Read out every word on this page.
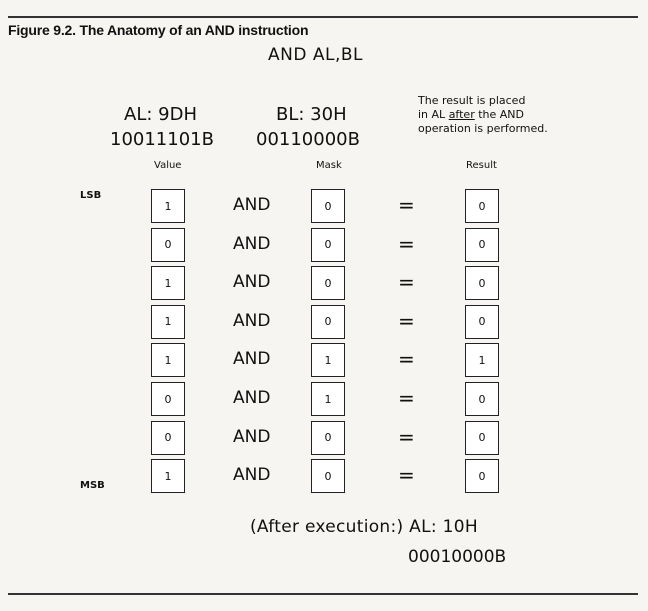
Figure 9.2. The Anatomy of an AND instruction
AND AL,BL
AL: 9DH
10011101B
BL: 30H
00110000B
The result is placed
in AL after the AND
operation is performed.
Value	Mask	Result
LSB
MSB
1	AND	0	=	0
0	AND	0	=	0
1	AND	0	=	0
1	AND	0	=	0
1	AND	1	=	1
0	AND	1	=	0
0	AND	0	=	0
1	AND	0	=	0
(After execution:) AL: 10H
00010000B
